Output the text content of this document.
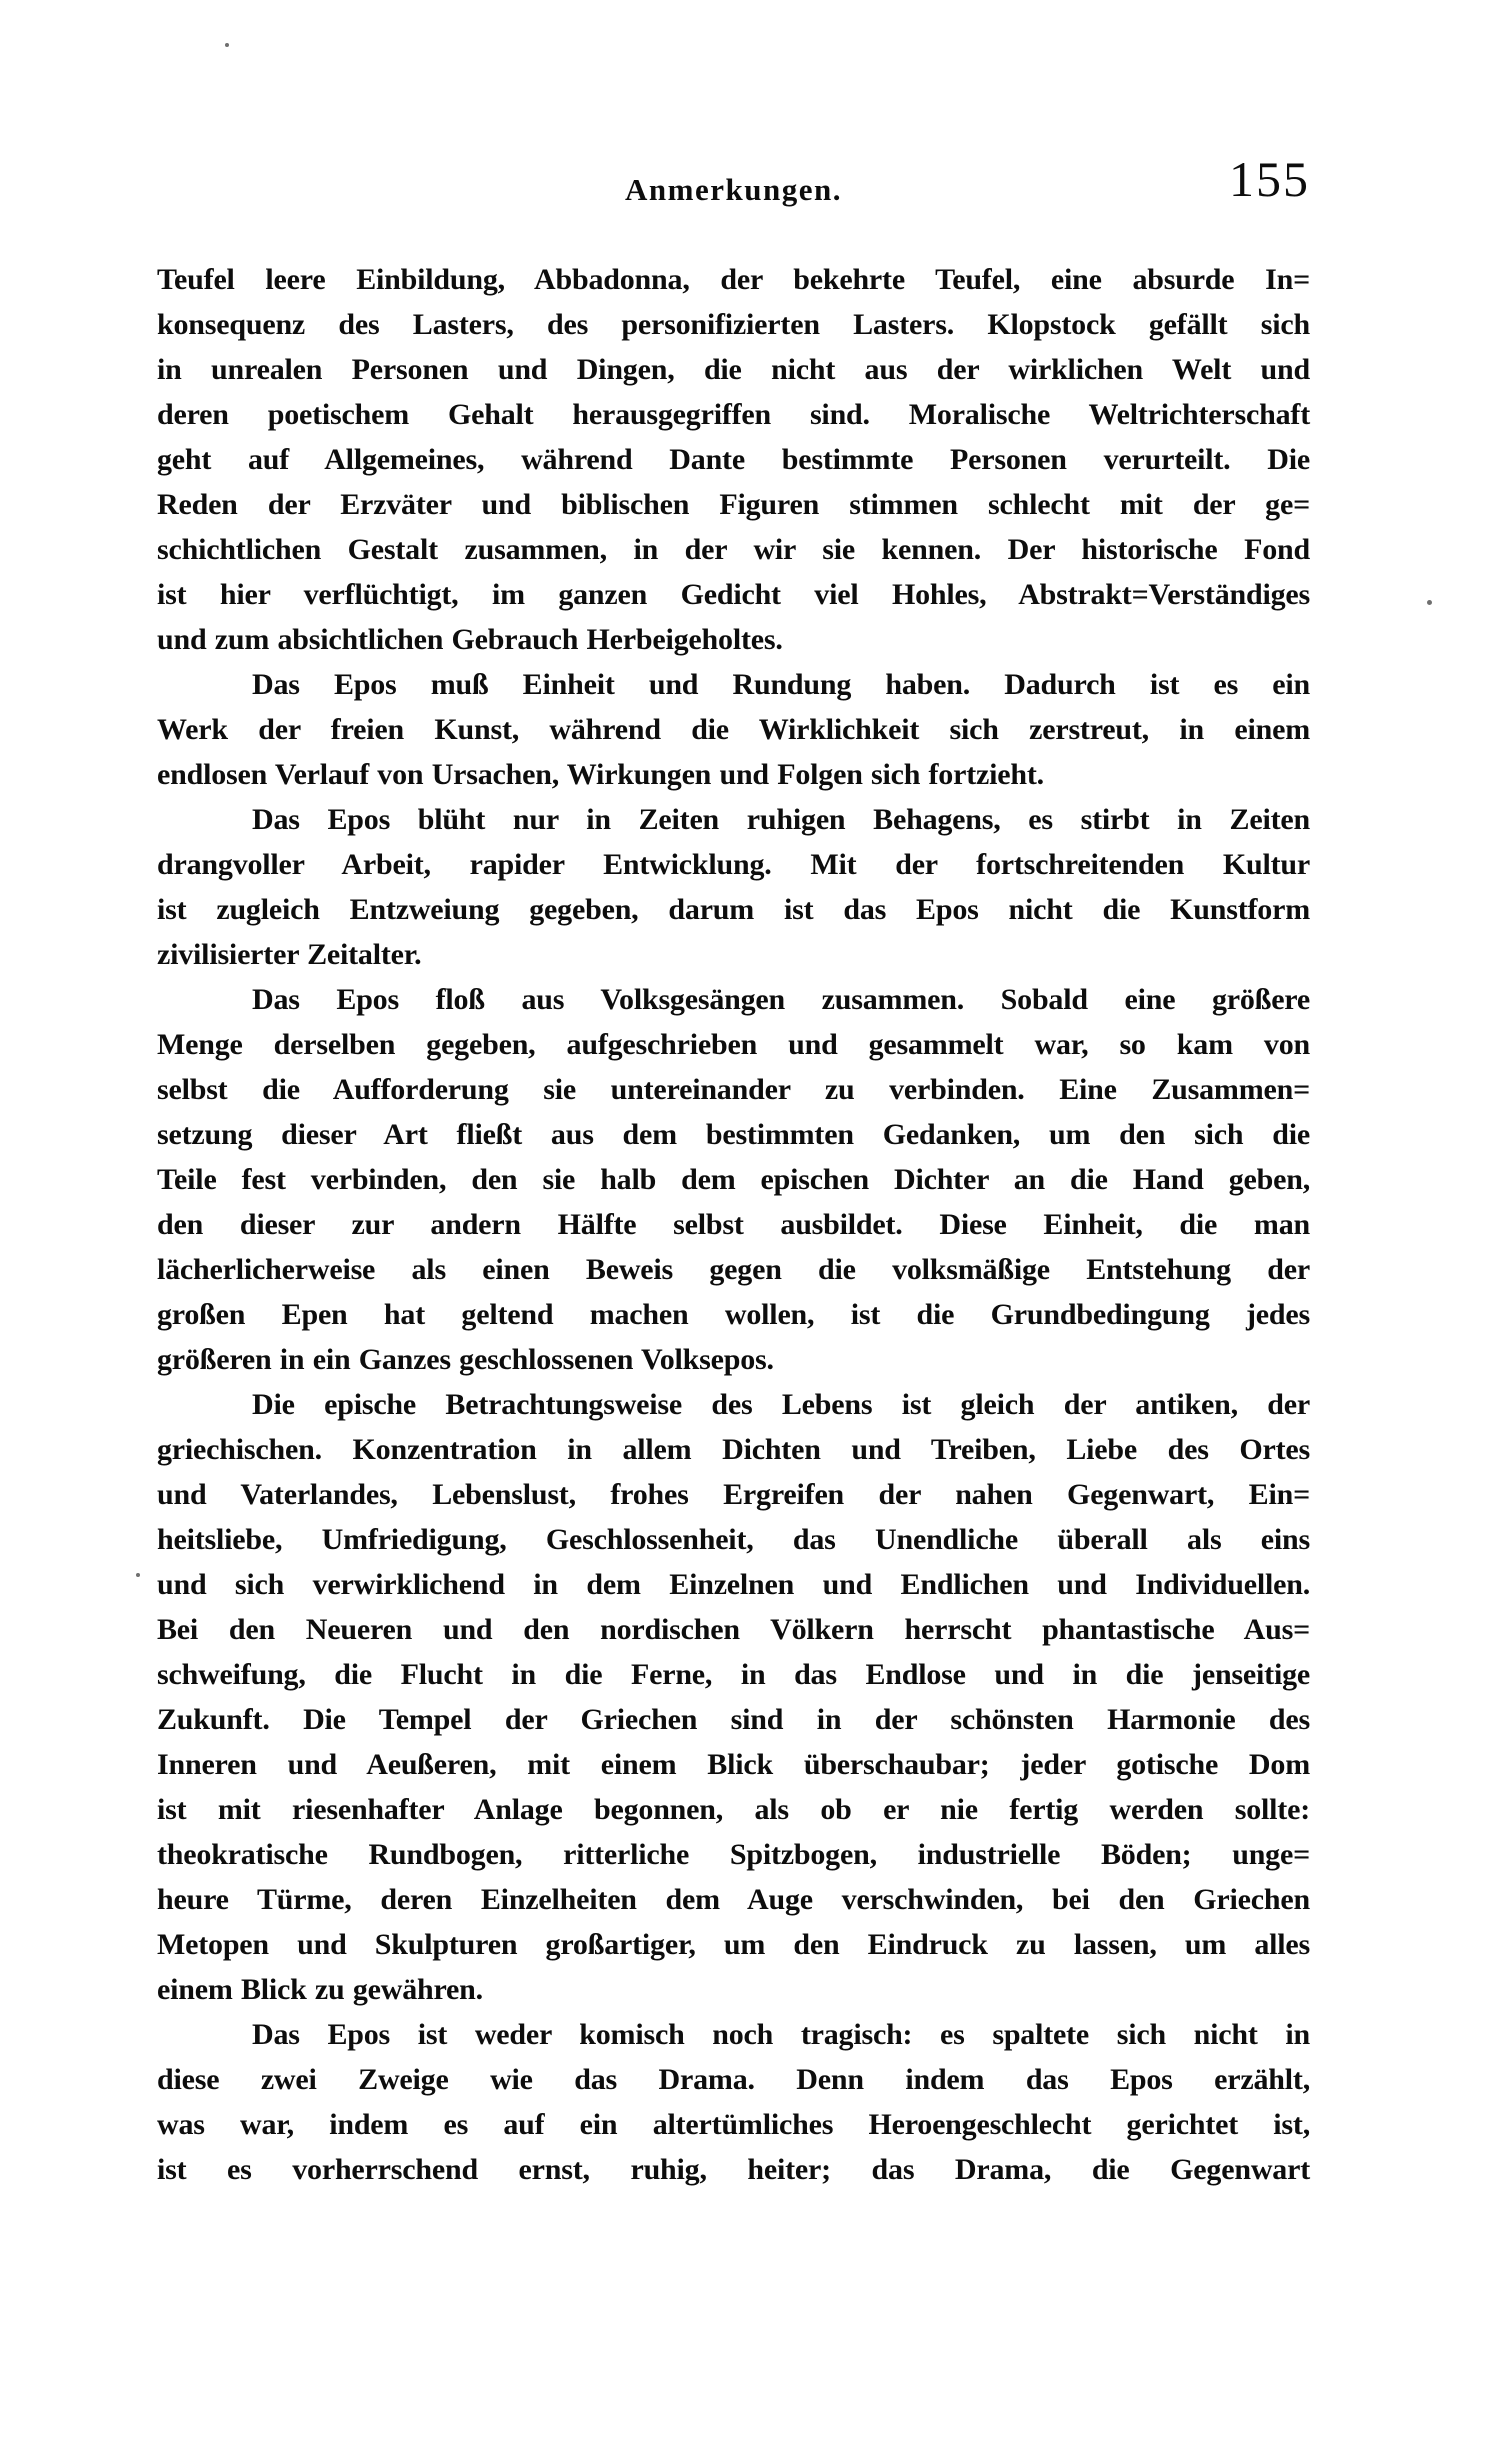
Anmerkungen.	155
Teufel leere Einbildung, Abbadonna, der bekehrte Teufel, eine absurde In=
konsequenz des Lasters, des personifizierten Lasters. Klopstock gefällt sich
in unrealen Personen und Dingen, die nicht aus der wirklichen Welt und
deren poetischem Gehalt herausgegriffen sind. Moralische Weltrichterschaft
geht auf Allgemeines, während Dante bestimmte Personen verurteilt. Die
Reden der Erzväter und biblischen Figuren stimmen schlecht mit der ge=
schichtlichen Gestalt zusammen, in der wir sie kennen. Der historische Fond
ist hier verflüchtigt, im ganzen Gedicht viel Hohles, Abstrakt=Verständiges
und zum absichtlichen Gebrauch Herbeigeholtes.
Das Epos muß Einheit und Rundung haben. Dadurch ist es ein
Werk der freien Kunst, während die Wirklichkeit sich zerstreut, in einem
endlosen Verlauf von Ursachen, Wirkungen und Folgen sich fortzieht.
Das Epos blüht nur in Zeiten ruhigen Behagens, es stirbt in Zeiten
drangvoller Arbeit, rapider Entwicklung. Mit der fortschreitenden Kultur
ist zugleich Entzweiung gegeben, darum ist das Epos nicht die Kunstform
zivilisierter Zeitalter.
Das Epos floß aus Volksgesängen zusammen. Sobald eine größere
Menge derselben gegeben, aufgeschrieben und gesammelt war, so kam von
selbst die Aufforderung sie untereinander zu verbinden. Eine Zusammen=
setzung dieser Art fließt aus dem bestimmten Gedanken, um den sich die
Teile fest verbinden, den sie halb dem epischen Dichter an die Hand geben,
den dieser zur andern Hälfte selbst ausbildet. Diese Einheit, die man
lächerlicherweise als einen Beweis gegen die volksmäßige Entstehung der
großen Epen hat geltend machen wollen, ist die Grundbedingung jedes
größeren in ein Ganzes geschlossenen Volksepos.
Die epische Betrachtungsweise des Lebens ist gleich der antiken, der
griechischen. Konzentration in allem Dichten und Treiben, Liebe des Ortes
und Vaterlandes, Lebenslust, frohes Ergreifen der nahen Gegenwart, Ein=
heitsliebe, Umfriedigung, Geschlossenheit, das Unendliche überall als eins
und sich verwirklichend in dem Einzelnen und Endlichen und Individuellen.
Bei den Neueren und den nordischen Völkern herrscht phantastische Aus=
schweifung, die Flucht in die Ferne, in das Endlose und in die jenseitige
Zukunft. Die Tempel der Griechen sind in der schönsten Harmonie des
Inneren und Aeußeren, mit einem Blick überschaubar; jeder gotische Dom
ist mit riesenhafter Anlage begonnen, als ob er nie fertig werden sollte:
theokratische Rundbogen, ritterliche Spitzbogen, industrielle Böden; unge=
heure Türme, deren Einzelheiten dem Auge verschwinden, bei den Griechen
Metopen und Skulpturen großartiger, um den Eindruck zu lassen, um alles
einem Blick zu gewähren.
Das Epos ist weder komisch noch tragisch: es spaltete sich nicht in
diese zwei Zweige wie das Drama. Denn indem das Epos erzählt,
was war, indem es auf ein altertümliches Heroengeschlecht gerichtet ist,
ist es vorherrschend ernst, ruhig, heiter; das Drama, die Gegenwart
